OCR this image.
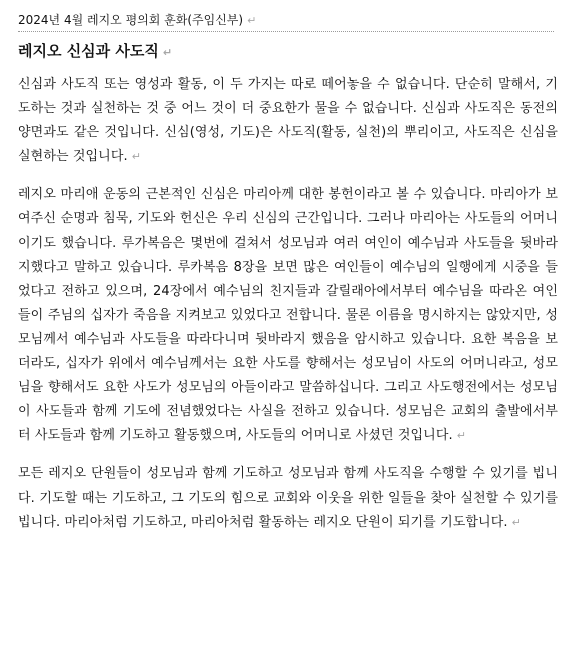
2024년 4월 레지오 평의회 훈화(주임신부) ↵
레지오 신심과 사도직 ↵

신심과 사도직 또는 영성과 활동, 이 두 가지는 따로 떼어놓을 수 없습니다. 단순히 말해서, 기도하는 것과 실천하는 것 중 어느 것이 더 중요한가 물을 수 없습니다. 신심과 사도직은 동전의 양면과도 같은 것입니다. 신심(영성, 기도)은 사도직(활동, 실천)의 뿌리이고, 사도직은 신심을 실현하는 것입니다. ↵

레지오 마리애 운동의 근본적인 신심은 마리아께 대한 봉헌이라고 볼 수 있습니다. 마리아가 보여주신 순명과 침묵, 기도와 헌신은 우리 신심의 근간입니다. 그러나 마리아는 사도들의 어머니이기도 했습니다. 루가복음은 몇번에 걸쳐서 성모님과 여러 여인이 예수님과 사도들을 뒷바라지했다고 말하고 있습니다. 루카복음 8장을 보면 많은 여인들이 예수님의 일행에게 시중을 들었다고 전하고 있으며, 24장에서 예수님의 친지들과 갈릴래아에서부터 예수님을 따라온 여인들이 주님의 십자가 죽음을 지켜보고 있었다고 전합니다. 물론 이름을 명시하지는 않았지만, 성모님께서 예수님과 사도들을 따라다니며 뒷바라지 했음을 암시하고 있습니다. 요한 복음을 보더라도, 십자가 위에서 예수님께서는 요한 사도를 향해서는 성모님이 사도의 어머니라고, 성모님을 향해서도 요한 사도가 성모님의 아들이라고 말씀하십니다. 그리고 사도행전에서는 성모님이 사도들과 함께 기도에 전념했었다는 사실을 전하고 있습니다. 성모님은 교회의 출발에서부터 사도들과 함께 기도하고 활동했으며, 사도들의 어머니로 사셨던 것입니다. ↵

모든 레지오 단원들이 성모님과 함께 기도하고 성모님과 함께 사도직을 수행할 수 있기를 빕니다. 기도할 때는 기도하고, 그 기도의 힘으로 교회와 이웃을 위한 일들을 찾아 실천할 수 있기를 빕니다. 마리아처럼 기도하고, 마리아처럼 활동하는 레지오 단원이 되기를 기도합니다. ↵
